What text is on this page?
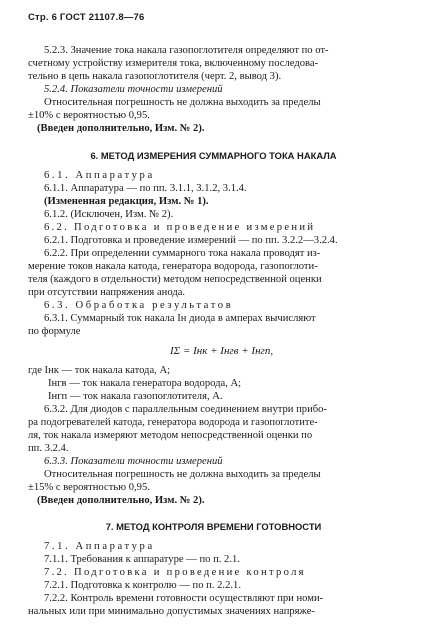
Стр. 6 ГОСТ 21107.8—76
5.2.3. Значение тока накала газопоглотителя определяют по от-
счетному устройству измерителя тока, включенному последова-
тельно в цепь накала газопоглотителя (черт. 2, вывод 3).
5.2.4. Показатели точности измерений
Относительная погрешность не должна выходить за пределы
±10% с вероятностью 0,95.
(Введен дополнительно, Изм. № 2).
6. МЕТОД ИЗМЕРЕНИЯ СУММАРНОГО ТОКА НАКАЛА
6.1. Аппаратура
6.1.1. Аппаратура — по пп. 3.1.1, 3.1.2, 3.1.4.
(Измененная редакция, Изм. № 1).
6.1.2. (Исключен, Изм. № 2).
6.2. Подготовка и проведение измерений
6.2.1. Подготовка и проведение измерений — по пп. 3.2.2—3.2.4.
6.2.2. При определении суммарного тока накала проводят из-
мерение токов накала катода, генератора водорода, газопоглоти-
теля (каждого в отдельности) методом непосредственной оценки
при отсутствии напряжения анода.
6.3. Обработка результатов
6.3.1. Суммарный ток накала Iн диода в амперах вычисляют
по формуле
IΣ = Iнк + Iнгв + Iнгп,
где Iнк — ток накала катода, А;
Iнгв — ток накала генератора водорода, А;
Iнгп — ток накала газопоглотителя, А.
6.3.2. Для диодов с параллельным соединением внутри прибо-
ра подогревателей катода, генератора водорода и газопоглотите-
ля, ток накала измеряют методом непосредственной оценки по
пп. 3.2.4.
6.3.3. Показатели точности измерений
Относительная погрешность не должна выходить за пределы
±15% с вероятностью 0,95.
(Введен дополнительно, Изм. № 2).
7. МЕТОД КОНТРОЛЯ ВРЕМЕНИ ГОТОВНОСТИ
7.1. Аппаратура
7.1.1. Требования к аппаратуре — по п. 2.1.
7.2. Подготовка и проведение контроля
7.2.1. Подготовка к контролю — по п. 2.2.1.
7.2.2. Контроль времени готовности осуществляют при номи-
нальных или при минимально допустимых значениях напряже-
